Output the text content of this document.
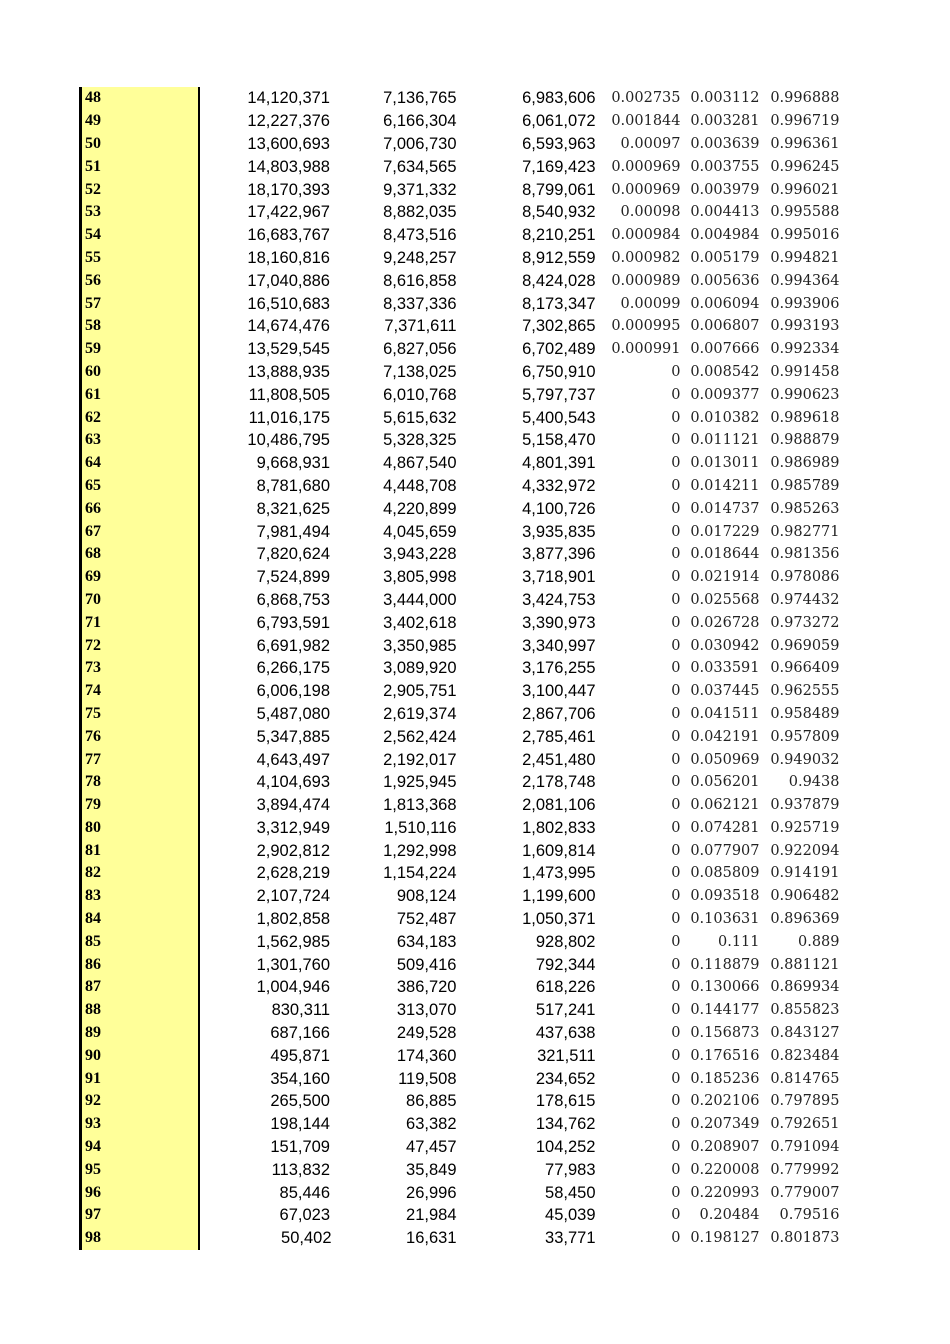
48	14,120,371	7,136,765	6,983,606	0.002735	0.003112	0.996888
49	12,227,376	6,166,304	6,061,072	0.001844	0.003281	0.996719
50	13,600,693	7,006,730	6,593,963	0.00097	0.003639	0.996361
51	14,803,988	7,634,565	7,169,423	0.000969	0.003755	0.996245
52	18,170,393	9,371,332	8,799,061	0.000969	0.003979	0.996021
53	17,422,967	8,882,035	8,540,932	0.00098	0.004413	0.995588
54	16,683,767	8,473,516	8,210,251	0.000984	0.004984	0.995016
55	18,160,816	9,248,257	8,912,559	0.000982	0.005179	0.994821
56	17,040,886	8,616,858	8,424,028	0.000989	0.005636	0.994364
57	16,510,683	8,337,336	8,173,347	0.00099	0.006094	0.993906
58	14,674,476	7,371,611	7,302,865	0.000995	0.006807	0.993193
59	13,529,545	6,827,056	6,702,489	0.000991	0.007666	0.992334
60	13,888,935	7,138,025	6,750,910	0	0.008542	0.991458
61	11,808,505	6,010,768	5,797,737	0	0.009377	0.990623
62	11,016,175	5,615,632	5,400,543	0	0.010382	0.989618
63	10,486,795	5,328,325	5,158,470	0	0.011121	0.988879
64	9,668,931	4,867,540	4,801,391	0	0.013011	0.986989
65	8,781,680	4,448,708	4,332,972	0	0.014211	0.985789
66	8,321,625	4,220,899	4,100,726	0	0.014737	0.985263
67	7,981,494	4,045,659	3,935,835	0	0.017229	0.982771
68	7,820,624	3,943,228	3,877,396	0	0.018644	0.981356
69	7,524,899	3,805,998	3,718,901	0	0.021914	0.978086
70	6,868,753	3,444,000	3,424,753	0	0.025568	0.974432
71	6,793,591	3,402,618	3,390,973	0	0.026728	0.973272
72	6,691,982	3,350,985	3,340,997	0	0.030942	0.969059
73	6,266,175	3,089,920	3,176,255	0	0.033591	0.966409
74	6,006,198	2,905,751	3,100,447	0	0.037445	0.962555
75	5,487,080	2,619,374	2,867,706	0	0.041511	0.958489
76	5,347,885	2,562,424	2,785,461	0	0.042191	0.957809
77	4,643,497	2,192,017	2,451,480	0	0.050969	0.949032
78	4,104,693	1,925,945	2,178,748	0	0.056201	0.9438
79	3,894,474	1,813,368	2,081,106	0	0.062121	0.937879
80	3,312,949	1,510,116	1,802,833	0	0.074281	0.925719
81	2,902,812	1,292,998	1,609,814	0	0.077907	0.922094
82	2,628,219	1,154,224	1,473,995	0	0.085809	0.914191
83	2,107,724	908,124	1,199,600	0	0.093518	0.906482
84	1,802,858	752,487	1,050,371	0	0.103631	0.896369
85	1,562,985	634,183	928,802	0	0.111	0.889
86	1,301,760	509,416	792,344	0	0.118879	0.881121
87	1,004,946	386,720	618,226	0	0.130066	0.869934
88	830,311	313,070	517,241	0	0.144177	0.855823
89	687,166	249,528	437,638	0	0.156873	0.843127
90	495,871	174,360	321,511	0	0.176516	0.823484
91	354,160	119,508	234,652	0	0.185236	0.814765
92	265,500	86,885	178,615	0	0.202106	0.797895
93	198,144	63,382	134,762	0	0.207349	0.792651
94	151,709	47,457	104,252	0	0.208907	0.791094
95	113,832	35,849	77,983	0	0.220008	0.779992
96	85,446	26,996	58,450	0	0.220993	0.779007
97	67,023	21,984	45,039	0	0.20484	0.79516
98	50,402	16,631	33,771	0	0.198127	0.801873
